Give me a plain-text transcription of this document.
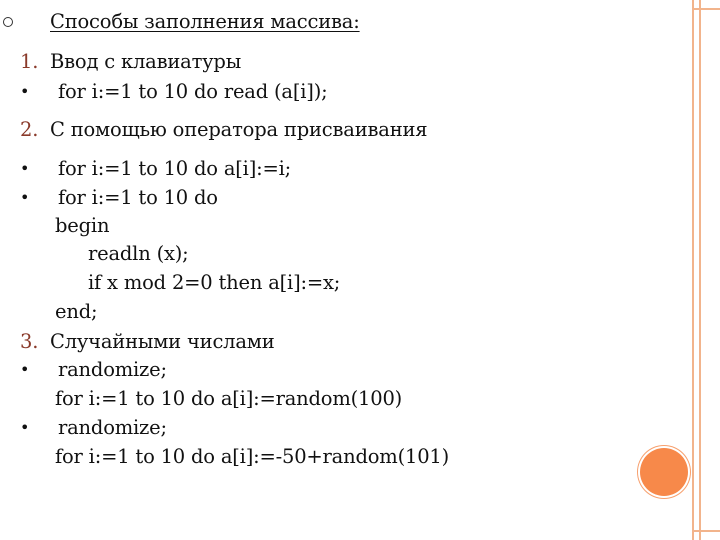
Способы заполнения массива:
1. Ввод с клавиатуры
• for i:=1 to 10 do read (a[i]);
2. С помощью оператора присваивания
• for i:=1 to 10 do a[i]:=i;
• for i:=1 to 10 do
begin
readln (x);
if x mod 2=0 then a[i]:=x;
end;
3. Случайными числами
• randomize;
for i:=1 to 10 do a[i]:=random(100)
• randomize;
for i:=1 to 10 do a[i]:=-50+random(101)
